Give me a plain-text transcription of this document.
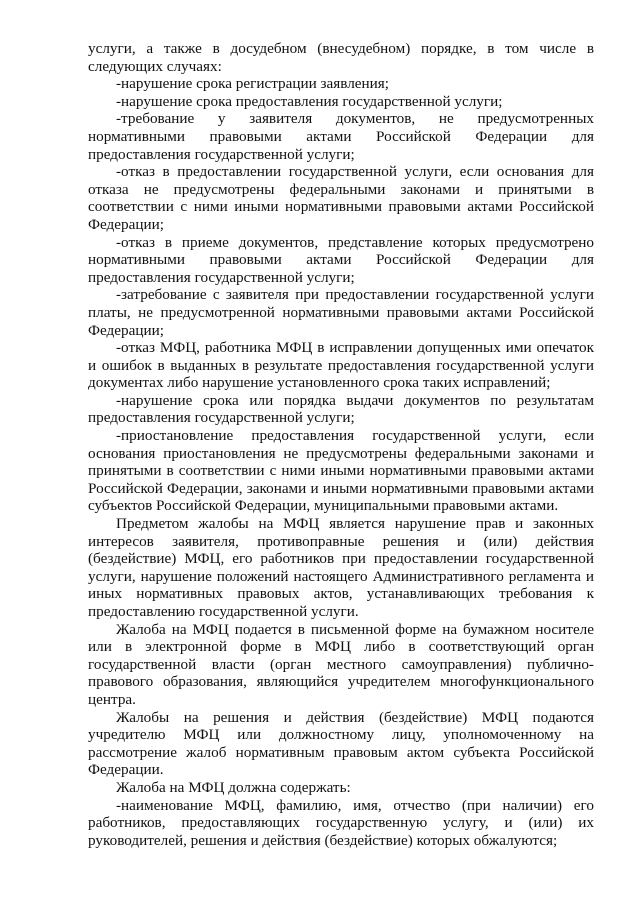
услуги, а также в досудебном (внесудебном) порядке, в том числе в следующих случаях:

-нарушение срока регистрации заявления;

-нарушение срока предоставления государственной услуги;

-требование у заявителя документов, не предусмотренных нормативными правовыми актами Российской Федерации для предоставления государственной услуги;

-отказ в предоставлении государственной услуги, если основания для отказа не предусмотрены федеральными законами и принятыми в соответствии с ними иными нормативными правовыми актами Российской Федерации;

-отказ в приеме документов, представление которых предусмотрено нормативными правовыми актами Российской Федерации для предоставления государственной услуги;

-затребование с заявителя при предоставлении государственной услуги платы, не предусмотренной нормативными правовыми актами Российской Федерации;

-отказ МФЦ, работника МФЦ в исправлении допущенных ими опечаток и ошибок в выданных в результате предоставления государственной услуги документах либо нарушение установленного срока таких исправлений;

-нарушение срока или порядка выдачи документов по результатам предоставления государственной услуги;

-приостановление предоставления государственной услуги, если основания приостановления не предусмотрены федеральными законами и принятыми в соответствии с ними иными нормативными правовыми актами Российской Федерации, законами и иными нормативными правовыми актами субъектов Российской Федерации, муниципальными правовыми актами.

Предметом жалобы на МФЦ является нарушение прав и законных интересов заявителя, противоправные решения и (или) действия (бездействие) МФЦ, его работников при предоставлении государственной услуги, нарушение положений настоящего Административного регламента и иных нормативных правовых актов, устанавливающих требования к предоставлению государственной услуги.

Жалоба на МФЦ подается в письменной форме на бумажном носителе или в электронной форме в МФЦ либо в соответствующий орган государственной власти (орган местного самоуправления) публично-правового образования, являющийся учредителем многофункционального центра.

Жалобы на решения и действия (бездействие) МФЦ подаются учредителю МФЦ или должностному лицу, уполномоченному на рассмотрение жалоб нормативным правовым актом субъекта Российской Федерации.

Жалоба на МФЦ должна содержать:

-наименование МФЦ, фамилию, имя, отчество (при наличии) его работников, предоставляющих государственную услугу, и (или) их руководителей, решения и действия (бездействие) которых обжалуются;
